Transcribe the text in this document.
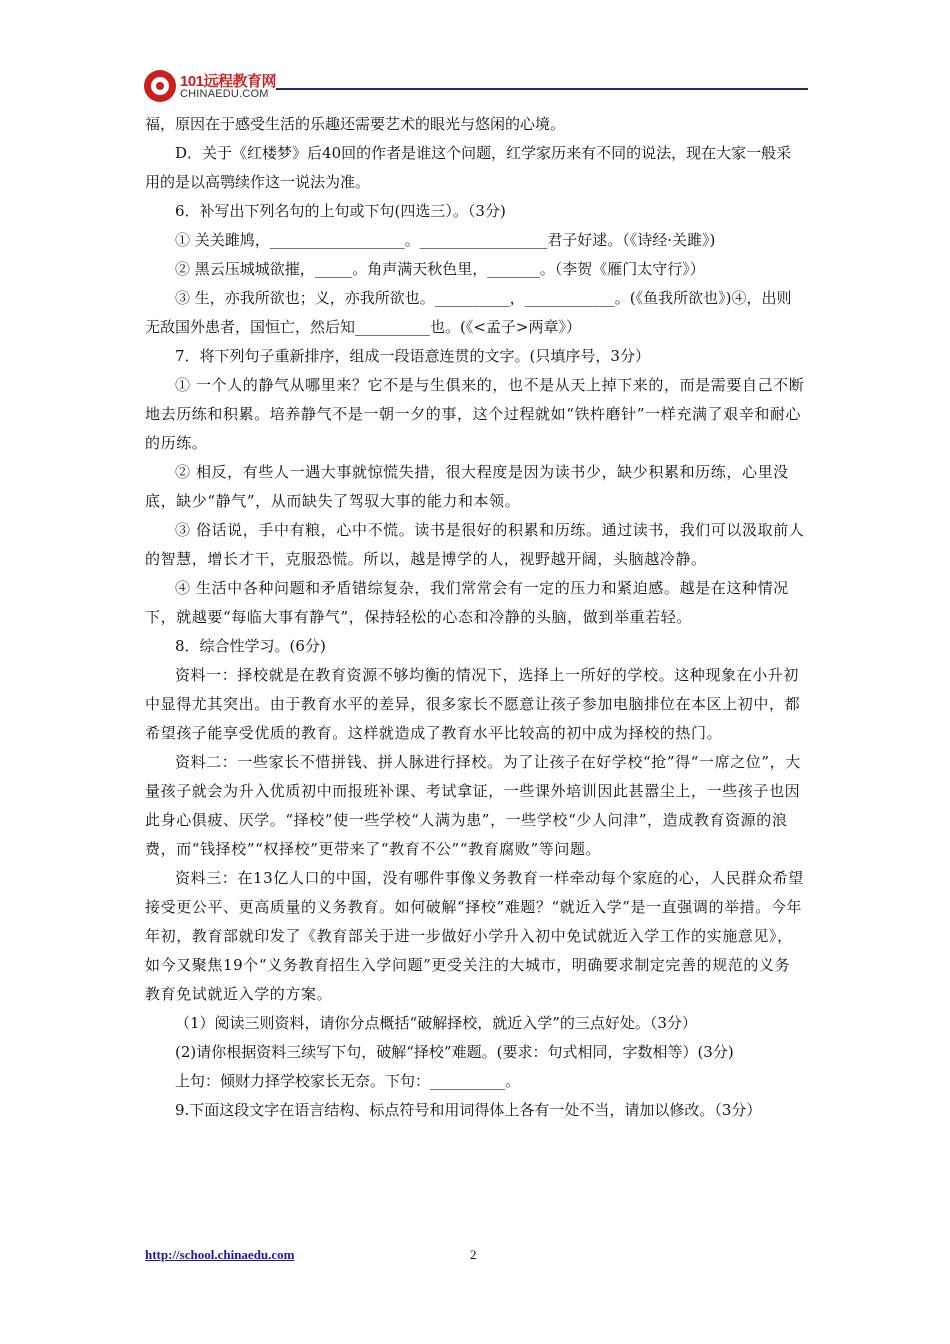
101远程教育网
CHINAEDU.COM

福，原因在于感受生活的乐趣还需要艺术的眼光与悠闲的心境。

D．关于《红楼梦》后40回的作者是谁这个问题，红学家历来有不同的说法，现在大家一般采用的是以高鹗续作这一说法为准。

6．补写出下列名句的上句或下句(四选三）。（3分)

① 关关雎鸠，__________________。_________________君子好逑。（《诗经·关雎》)

② 黑云压城城欲摧，_____。角声满天秋色里，_______。（李贺《雁门太守行》）

③ 生，亦我所欲也；义，亦我所欲也。__________，____________。(《鱼我所欲也》)④，出则无敌国外患者，国恒亡，然后知__________也。(《<孟子>两章》）

7．将下列句子重新排序，组成一段语意连贯的文字。(只填序号，3分）

① 一个人的静气从哪里来？它不是与生俱来的，也不是从天上掉下来的，而是需要自己不断地去历练和积累。培养静气不是一朝一夕的事，这个过程就如“铁杵磨针”一样充满了艰辛和耐心的历练。

② 相反，有些人一遇大事就惊慌失措，很大程度是因为读书少，缺少积累和历练，心里没底，缺少“静气”，从而缺失了驾驭大事的能力和本领。

③ 俗话说，手中有粮，心中不慌。读书是很好的积累和历练。通过读书，我们可以汲取前人的智慧，增长才干，克服恐慌。所以，越是博学的人，视野越开阔，头脑越冷静。

④ 生活中各种问题和矛盾错综复杂，我们常常会有一定的压力和紧迫感。越是在这种情况下，就越要“每临大事有静气”，保持轻松的心态和冷静的头脑，做到举重若轻。

8．综合性学习。(6分)

资料一：择校就是在教育资源不够均衡的情况下，选择上一所好的学校。这种现象在小升初中显得尤其突出。由于教育水平的差异，很多家长不愿意让孩子参加电脑排位在本区上初中，都希望孩子能享受优质的教育。这样就造成了教育水平比较高的初中成为择校的热门。

资料二：一些家长不惜拼钱、拼人脉进行择校。为了让孩子在好学校“抢”得“一席之位”，大量孩子就会为升入优质初中而报班补课、考试拿证，一些课外培训因此甚嚣尘上，一些孩子也因此身心俱疲、厌学。“择校”使一些学校“人满为患”，一些学校“少人问津”，造成教育资源的浪费，而“钱择校”“权择校”更带来了“教育不公”“教育腐败”等问题。

资料三：在13亿人口的中国，没有哪件事像义务教育一样牵动每个家庭的心，人民群众希望接受更公平、更高质量的义务教育。如何破解“择校”难题？“就近入学”是一直强调的举措。今年年初，教育部就印发了《教育部关于进一步做好小学升入初中免试就近入学工作的实施意见》，如今又聚焦19个“义务教育招生入学问题”更受关注的大城市，明确要求制定完善的规范的义务教育免试就近入学的方案。

（1）阅读三则资料，请你分点概括“破解择校，就近入学”的三点好处。（3分）

(2)请你根据资料三续写下句，破解“择校”难题。(要求：句式相同，字数相等）(3分)

上句：倾财力择学校家长无奈。下句：__________。

9.下面这段文字在语言结构、标点符号和用词得体上各有一处不当，请加以修改。（3分）

http://school.chinaedu.com	2
